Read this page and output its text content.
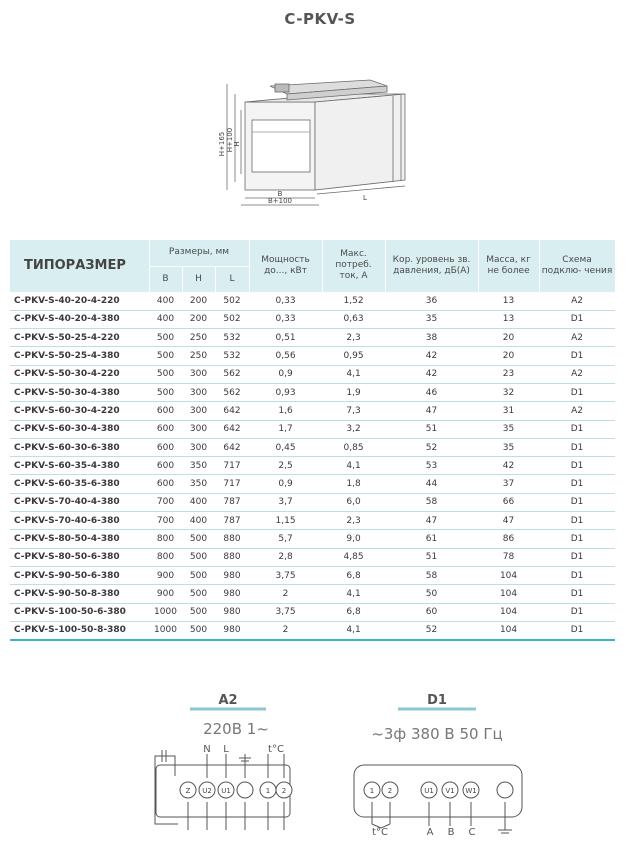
C-PKV-S
H+165 H+100 H
B
B+100	L
ТИПОРАЗМЕР	Размеры, мм			Мощность до..., кВт	Макс. потреб. ток, А	Кор. уровень зв. давления, дБ(А)	Масса, кг не более	Схема подклю- чения
	B	H	L					
C-PKV-S-40-20-4-220	400	200	502	0,33	1,52	36	13	A2
C-PKV-S-40-20-4-380	400	200	502	0,33	0,63	35	13	D1
C-PKV-S-50-25-4-220	500	250	532	0,51	2,3	38	20	A2
C-PKV-S-50-25-4-380	500	250	532	0,56	0,95	42	20	D1
C-PKV-S-50-30-4-220	500	300	562	0,9	4,1	42	23	A2
C-PKV-S-50-30-4-380	500	300	562	0,93	1,9	46	32	D1
C-PKV-S-60-30-4-220	600	300	642	1,6	7,3	47	31	A2
C-PKV-S-60-30-4-380	600	300	642	1,7	3,2	51	35	D1
C-PKV-S-60-30-6-380	600	300	642	0,45	0,85	52	35	D1
C-PKV-S-60-35-4-380	600	350	717	2,5	4,1	53	42	D1
C-PKV-S-60-35-6-380	600	350	717	0,9	1,8	44	37	D1
C-PKV-S-70-40-4-380	700	400	787	3,7	6,0	58	66	D1
C-PKV-S-70-40-6-380	700	400	787	1,15	2,3	47	47	D1
C-PKV-S-80-50-4-380	800	500	880	5,7	9,0	61	86	D1
C-PKV-S-80-50-6-380	800	500	880	2,8	4,85	51	78	D1
C-PKV-S-90-50-6-380	900	500	980	3,75	6,8	58	104	D1
C-PKV-S-90-50-8-380	900	500	980	2	4,1	50	104	D1
C-PKV-S-100-50-6-380	1000	500	980	3,75	6,8	60	104	D1
C-PKV-S-100-50-8-380	1000	500	980	2	4,1	52	104	D1
A2
220В 1~
N L	t°C
D1
~3ф 380 В 50 Гц
t°C	A B C
Z U2 U1	1 2	1 2	U1 V1 W1
